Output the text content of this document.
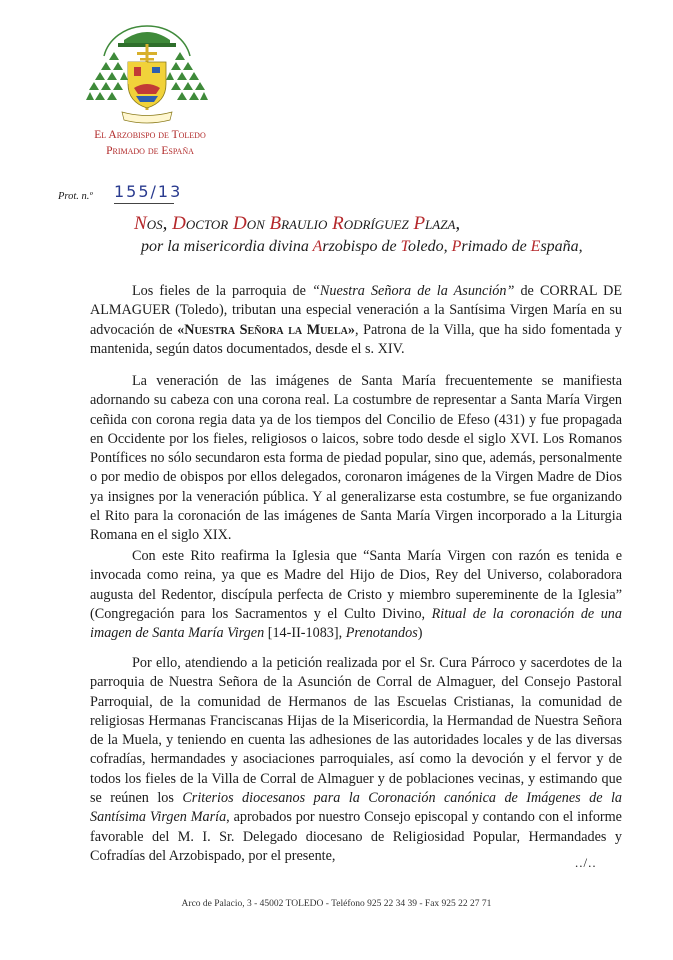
El Arzobispo de Toledo
Primado de España
Prot. n.º 155/13
Nos, Doctor Don Braulio Rodríguez Plaza,
por la misericordia divina Arzobispo de Toledo, Primado de España,

Los fieles de la parroquia de “Nuestra Señora de la Asunción” de CORRAL DE ALMAGUER (Toledo), tributan una especial veneración a la Santísima Virgen María en su advocación de «Nuestra Señora la Muela», Patrona de la Villa, que ha sido fomentada y mantenida, según datos documentados, desde el s. XIV.

La veneración de las imágenes de Santa María frecuentemente se manifiesta adornando su cabeza con una corona real. La costumbre de representar a Santa María Virgen ceñida con corona regia data ya de los tiempos del Concilio de Efeso (431) y fue propagada en Occidente por los fieles, religiosos o laicos, sobre todo desde el siglo XVI. Los Romanos Pontífices no sólo secundaron esta forma de piedad popular, sino que, además, personalmente o por medio de obispos por ellos delegados, coronaron imágenes de la Virgen Madre de Dios ya insignes por la veneración pública. Y al generalizarse esta costumbre, se fue organizando el Rito para la coronación de las imágenes de Santa María Virgen incorporado a la Liturgia Romana en el siglo XIX.

Con este Rito reafirma la Iglesia que “Santa María Virgen con razón es tenida e invocada como reina, ya que es Madre del Hijo de Dios, Rey del Universo, colaboradora augusta del Redentor, discípula perfecta de Cristo y miembro supereminente de la Iglesia” (Congregación para los Sacramentos y el Culto Divino, Ritual de la coronación de una imagen de Santa María Virgen [14-II-1083], Prenotandos)

Por ello, atendiendo a la petición realizada por el Sr. Cura Párroco y sacerdotes de la parroquia de Nuestra Señora de la Asunción de Corral de Almaguer, del Consejo Pastoral Parroquial, de la comunidad de Hermanos de las Escuelas Cristianas, la comunidad de religiosas Hermanas Franciscanas Hijas de la Misericordia, la Hermandad de Nuestra Señora de la Muela, y teniendo en cuenta las adhesiones de las autoridades locales y de las diversas cofradías, hermandades y asociaciones parroquiales, así como la devoción y el fervor y de todos los fieles de la Villa de Corral de Almaguer y de poblaciones vecinas, y estimando que se reúnen los Criterios diocesanos para la Coronación canónica de Imágenes de la Santísima Virgen María, aprobados por nuestro Consejo episcopal y contando con el informe favorable del M. I. Sr. Delegado diocesano de Religiosidad Popular, Hermandades y Cofradías del Arzobispado, por el presente,	../..
Arco de Palacio, 3 - 45002 TOLEDO - Teléfono 925 22 34 39 - Fax 925 22 27 71
